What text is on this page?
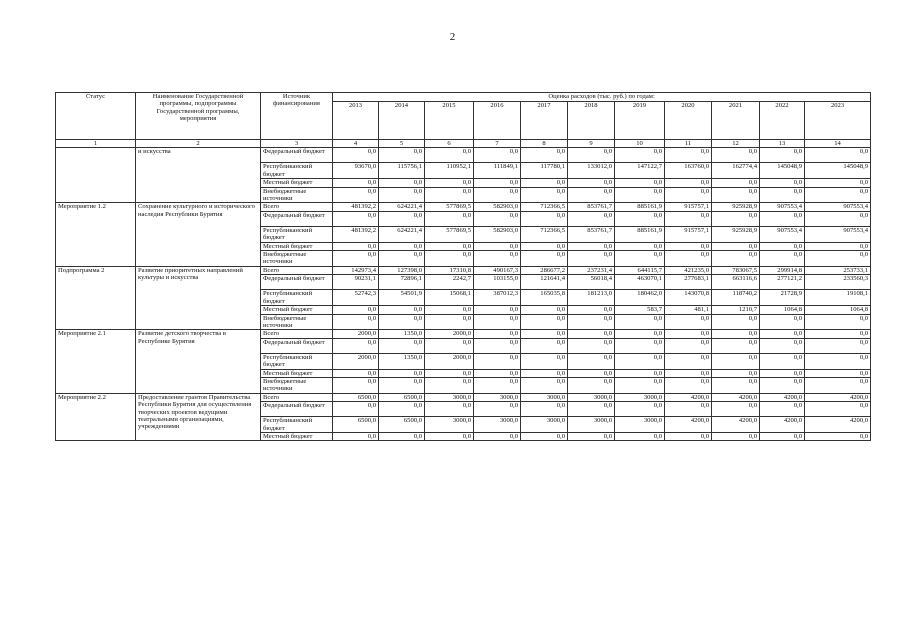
2
Статус	Наименование Государственной программы, подпрограммы Государственной программы, мероприятия	Источник финансирования	Оценка расходов (тыс. руб.) по годам:										
			2013	2014	2015	2016	2017	2018	2019	2020	2021	2022	2023
1	2	3	4	5	6	7	8	9	10	11	12	13	14
	и искусства	Федеральный бюджет	0,0	0,0	0,0	0,0	0,0	0,0	0,0	0,0	0,0	0,0	0,0
		Республиканский бюджет	93670,0	115756,1	110952,1	111849,1	117780,1	133012,0	147122,7	163760,0	162774,4	145048,9	145048,9
		Местный бюджет	0,0	0,0	0,0	0,0	0,0	0,0	0,0	0,0	0,0	0,0	0,0
		Внебюджетные источники	0,0	0,0	0,0	0,0	0,0	0,0	0,0	0,0	0,0	0,0	0,0
Мероприятие 1.2	Сохранение культурного и исторического наследия Республики Бурятия	Всего	481392,2	624221,4	577869,5	582903,0	712366,5	853761,7	885161,9	915757,1	925928,9	907553,4	907553,4
		Федеральный бюджет	0,0	0,0	0,0	0,0	0,0	0,0	0,0	0,0	0,0	0,0	0,0
		Республиканский бюджет	481392,2	624221,4	577869,5	582903,0	712366,5	853761,7	885161,9	915757,1	925928,9	907553,4	907553,4
		Местный бюджет	0,0	0,0	0,0	0,0	0,0	0,0	0,0	0,0	0,0	0,0	0,0
		Внебюджетные источники	0,0	0,0	0,0	0,0	0,0	0,0	0,0	0,0	0,0	0,0	0,0
Подпрограмма 2	Развитие приоритетных направлений культуры и искусства	Всего	142973,4	127398,0	17310,8	490167,3	286677,2	237231,4	644115,7	421235,0	783067,5	299914,8	253733,1
		Федеральный бюджет	90231,1	72896,1	2242,7	103155,0	121641,4	56018,4	463070,1	277683,1	663116,6	277121,2	233560,3
		Республиканский бюджет	52742,3	54501,9	15068,1	387012,3	165035,8	181213,0	180462,0	143070,8	118740,2	21728,9	19108,1
		Местный бюджет	0,0	0,0	0,0	0,0	0,0	0,0	583,7	481,1	1210,7	1064,8	1064,8
		Внебюджетные источники	0,0	0,0	0,0	0,0	0,0	0,0	0,0	0,0	0,0	0,0	0,0
Мероприятие 2.1	Развитие детского творчества в Республике Бурятия	Всего	2000,0	1350,0	2000,0	0,0	0,0	0,0	0,0	0,0	0,0	0,0	0,0
		Федеральный бюджет	0,0	0,0	0,0	0,0	0,0	0,0	0,0	0,0	0,0	0,0	0,0
		Республиканский бюджет	2000,0	1350,0	2000,0	0,0	0,0	0,0	0,0	0,0	0,0	0,0	0,0
		Местный бюджет	0,0	0,0	0,0	0,0	0,0	0,0	0,0	0,0	0,0	0,0	0,0
		Внебюджетные источники	0,0	0,0	0,0	0,0	0,0	0,0	0,0	0,0	0,0	0,0	0,0
Мероприятие 2.2	Предоставление грантов Правительства Республики Бурятия для осуществления творческих проектов ведущими театральными организациями, учреждениями	Всего	6500,0	6500,0	3000,0	3000,0	3000,0	3000,0	3000,0	4200,0	4200,0	4200,0	4200,0
		Федеральный бюджет	0,0	0,0	0,0	0,0	0,0	0,0	0,0	0,0	0,0	0,0	0,0
		Республиканский бюджет	6500,0	6500,0	3000,0	3000,0	3000,0	3000,0	3000,0	4200,0	4200,0	4200,0	4200,0
		Местный бюджет	0,0	0,0	0,0	0,0	0,0	0,0	0,0	0,0	0,0	0,0	0,0
